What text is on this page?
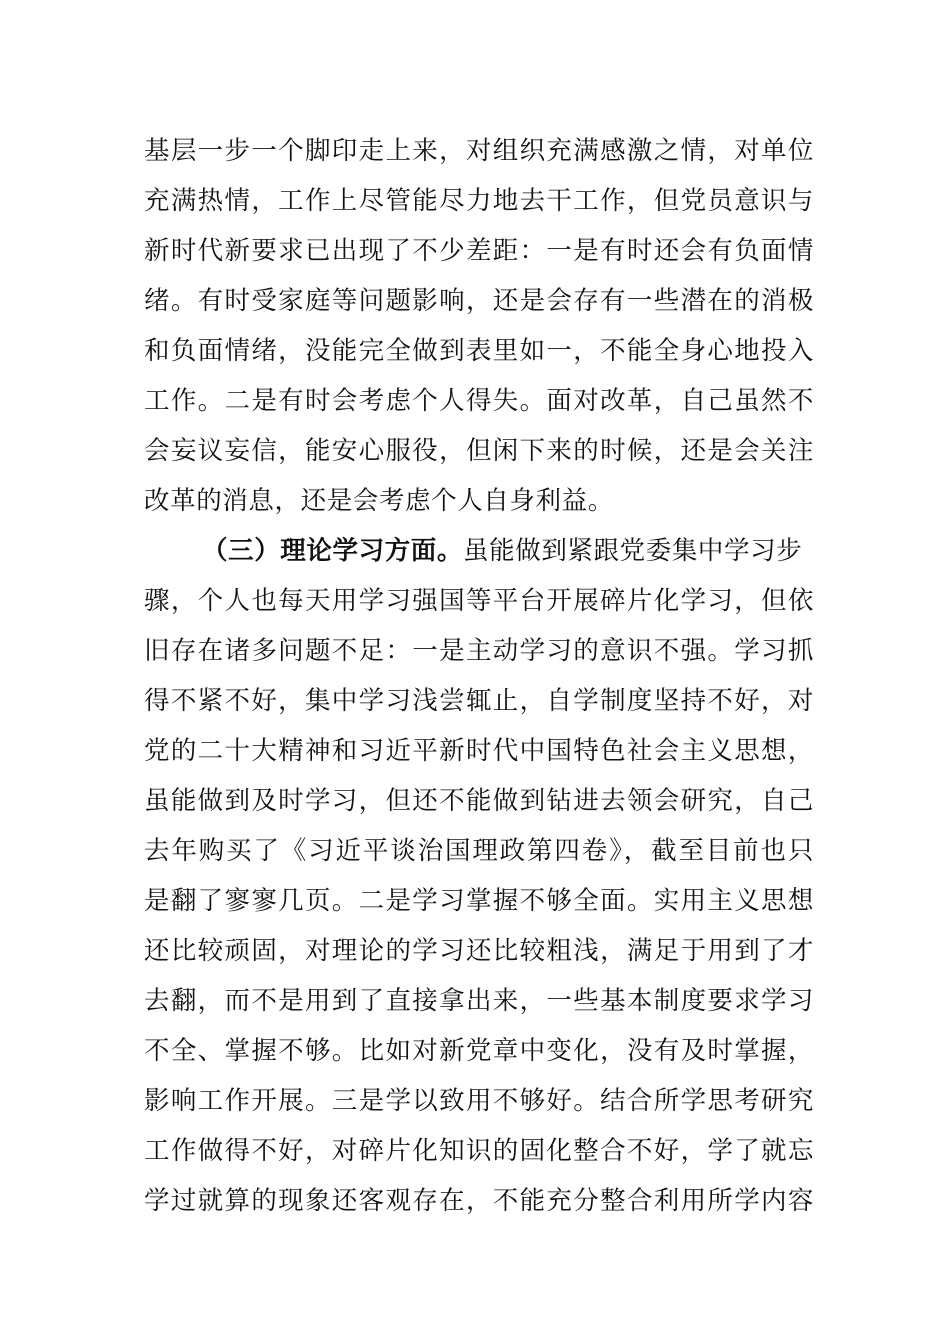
基层一步一个脚印走上来，对组织充满感激之情，对单位
充满热情，工作上尽管能尽力地去干工作，但党员意识与
新时代新要求已出现了不少差距：一是有时还会有负面情
绪。有时受家庭等问题影响，还是会存有一些潜在的消极
和负面情绪，没能完全做到表里如一，不能全身心地投入
工作。二是有时会考虑个人得失。面对改革，自己虽然不
会妄议妄信，能安心服役，但闲下来的时候，还是会关注
改革的消息，还是会考虑个人自身利益。
（三）理论学习方面。 虽能做到紧跟党委集中学习步
骤，个人也每天用学习强国等平台开展碎片化学习，但依
旧存在诸多问题不足：一是主动学习的意识不强。学习抓
得不紧不好，集中学习浅尝辄止，自学制度坚持不好，对
党的二十大精神和习近平新时代中国特色社会主义思想，
虽能做到及时学习，但还不能做到钻进去领会研究，自己
去年购买了《习近平谈治国理政第四卷》，截至目前也只
是翻了寥寥几页。二是学习掌握不够全面。实用主义思想
还比较顽固，对理论的学习还比较粗浅，满足于用到了才
去翻，而不是用到了直接拿出来，一些基本制度要求学习
不全、掌握不够。比如对新党章中变化，没有及时掌握，
影响工作开展。三是学以致用不够好。结合所学思考研究
工作做得不好，对碎片化知识的固化整合不好，学了就忘
学过就算的现象还客观存在，不能充分整合利用所学内容
